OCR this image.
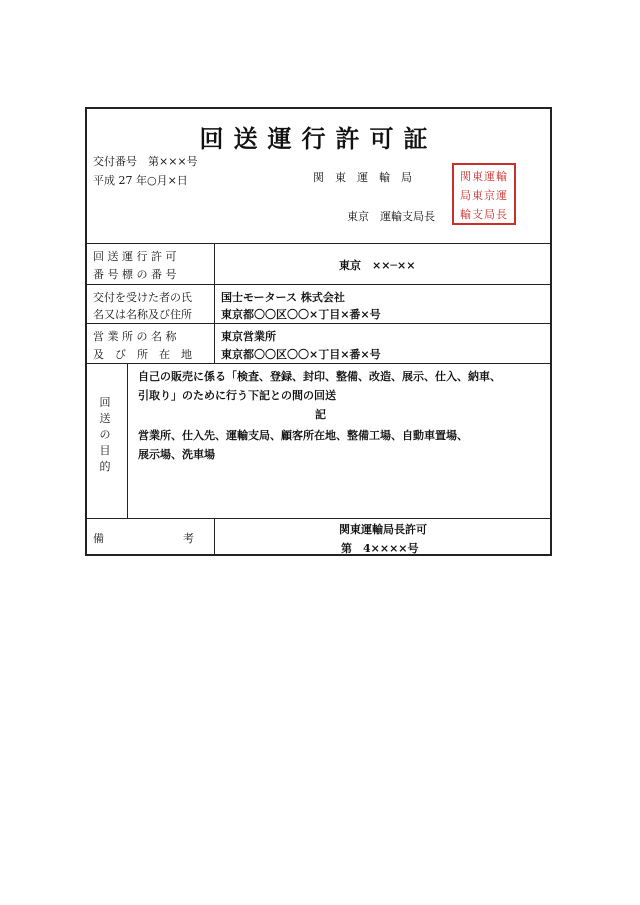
回送運行許可証
交付番号　第×××号
平成 27 年○月×日	関　東　運　輸　局
東京　運輸支局長
関東運輸
局東京運
輸支局長
回 送 運 行 許 可
番 号 標 の 番 号
東京　××─××
交付を受けた者の氏
名又は名称及び住所
国士モータース 株式会社
東京都〇〇区〇〇×丁目×番×号
営 業 所 の 名 称
及　び　所　在　地
東京営業所
東京都〇〇区〇〇×丁目×番×号
回
送
の
目
的
自己の販売に係る「検査、登録、封印、整備、改造、展示、仕入、納車、
引取り」のために行う下記との間の回送
記
営業所、仕入先、運輸支局、顧客所在地、整備工場、自動車置場、
展示場、洗車場
備	考
関東運輸局長許可
第　4××××号
